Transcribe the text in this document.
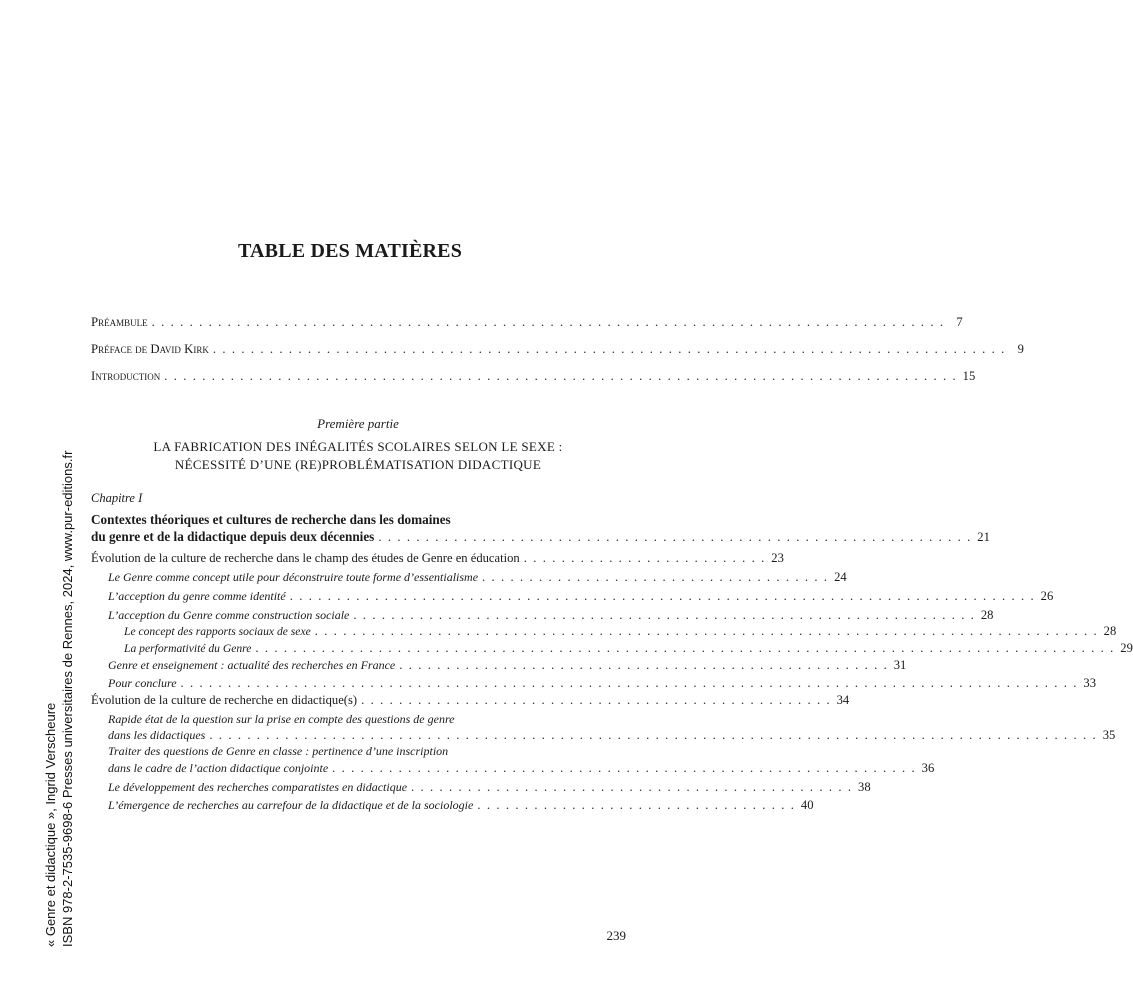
TABLE DES MATIÈRES
Préambule . . . . . . . . . . . . . . . . . . . . . . . . . . . . . . . . . . . . . . . . . . . . . . . . . . . . . . . . . . . . . . . . . . . . . . . . . . . . . . . . . . . . 7
Préface de David Kirk . . . . . . . . . . . . . . . . . . . . . . . . . . . . . . . . . . . . . . . . . . . . . . . . . . . . . . . . . . . . . . . . . . . . . . . . . . . . . . . . . . . . 9
Introduction . . . . . . . . . . . . . . . . . . . . . . . . . . . . . . . . . . . . . . . . . . . . . . . . . . . . . . . . . . . . . . . . . . . . . . . . . . . . . . . . . . . . 15
Chapitre I
Contextes théoriques et cultures de recherche dans les domaines
du genre et de la didactique depuis deux décennies . . . . . . . . . . . . . . . . . . . . . . . . . . . . . . . . . . . . . . . . . . . . . . . . . . . . . . . . . . . . . . . 21
Évolution de la culture de recherche dans le champ des études de Genre en éducation . . . . . . . . . . . . . . . . . . . . . . . . . . 23
Le Genre comme concept utile pour déconstruire toute forme d’essentialisme . . . . . . . . . . . . . . . . . . . . . . . . . . . . . . . . . . . . . 24
L’acception du genre comme identité . . . . . . . . . . . . . . . . . . . . . . . . . . . . . . . . . . . . . . . . . . . . . . . . . . . . . . . . . . . . . . . . . . . . . . . . . . . . . . . 26
L’acception du Genre comme construction sociale . . . . . . . . . . . . . . . . . . . . . . . . . . . . . . . . . . . . . . . . . . . . . . . . . . . . . . . . . . . . . . . . . . 28
Le concept des rapports sociaux de sexe . . . . . . . . . . . . . . . . . . . . . . . . . . . . . . . . . . . . . . . . . . . . . . . . . . . . . . . . . . . . . . . . . . . . . . . . . . . . . . . . . . . 28
La performativité du Genre . . . . . . . . . . . . . . . . . . . . . . . . . . . . . . . . . . . . . . . . . . . . . . . . . . . . . . . . . . . . . . . . . . . . . . . . . . . . . . . . . . . . . . . . . . . 29
Genre et enseignement : actualité des recherches en France . . . . . . . . . . . . . . . . . . . . . . . . . . . . . . . . . . . . . . . . . . . . . . . . . . . . 31
Pour conclure . . . . . . . . . . . . . . . . . . . . . . . . . . . . . . . . . . . . . . . . . . . . . . . . . . . . . . . . . . . . . . . . . . . . . . . . . . . . . . . . . . . . . . . . . . . . . . . 33
Évolution de la culture de recherche en didactique(s) . . . . . . . . . . . . . . . . . . . . . . . . . . . . . . . . . . . . . . . . . . . . . . . . . . 34
Rapide état de la question sur la prise en compte des questions de genre
dans les didactiques . . . . . . . . . . . . . . . . . . . . . . . . . . . . . . . . . . . . . . . . . . . . . . . . . . . . . . . . . . . . . . . . . . . . . . . . . . . . . . . . . . . . . . . . . . . . . . 35
Traiter des questions de Genre en classe : pertinence d’une inscription
dans le cadre de l’action didactique conjointe . . . . . . . . . . . . . . . . . . . . . . . . . . . . . . . . . . . . . . . . . . . . . . . . . . . . . . . . . . . . . . 36
Le développement des recherches comparatistes en didactique . . . . . . . . . . . . . . . . . . . . . . . . . . . . . . . . . . . . . . . . . . . . . . . 38
L’émergence de recherches au carrefour de la didactique et de la sociologie . . . . . . . . . . . . . . . . . . . . . . . . . . . . . . . . . . 40
Première partie
LA FABRICATION DES INÉGALITÉS SCOLAIRES SELON LE SEXE :
NÉCESSITÉ D’UNE (RE)PROBLÉMATISATION DIDACTIQUE
« Genre et didactique », Ingrid Verscheure ISBN 978-2-7535-9698-6 Presses universitaires de Rennes, 2024, www.pur-editions.fr	239
